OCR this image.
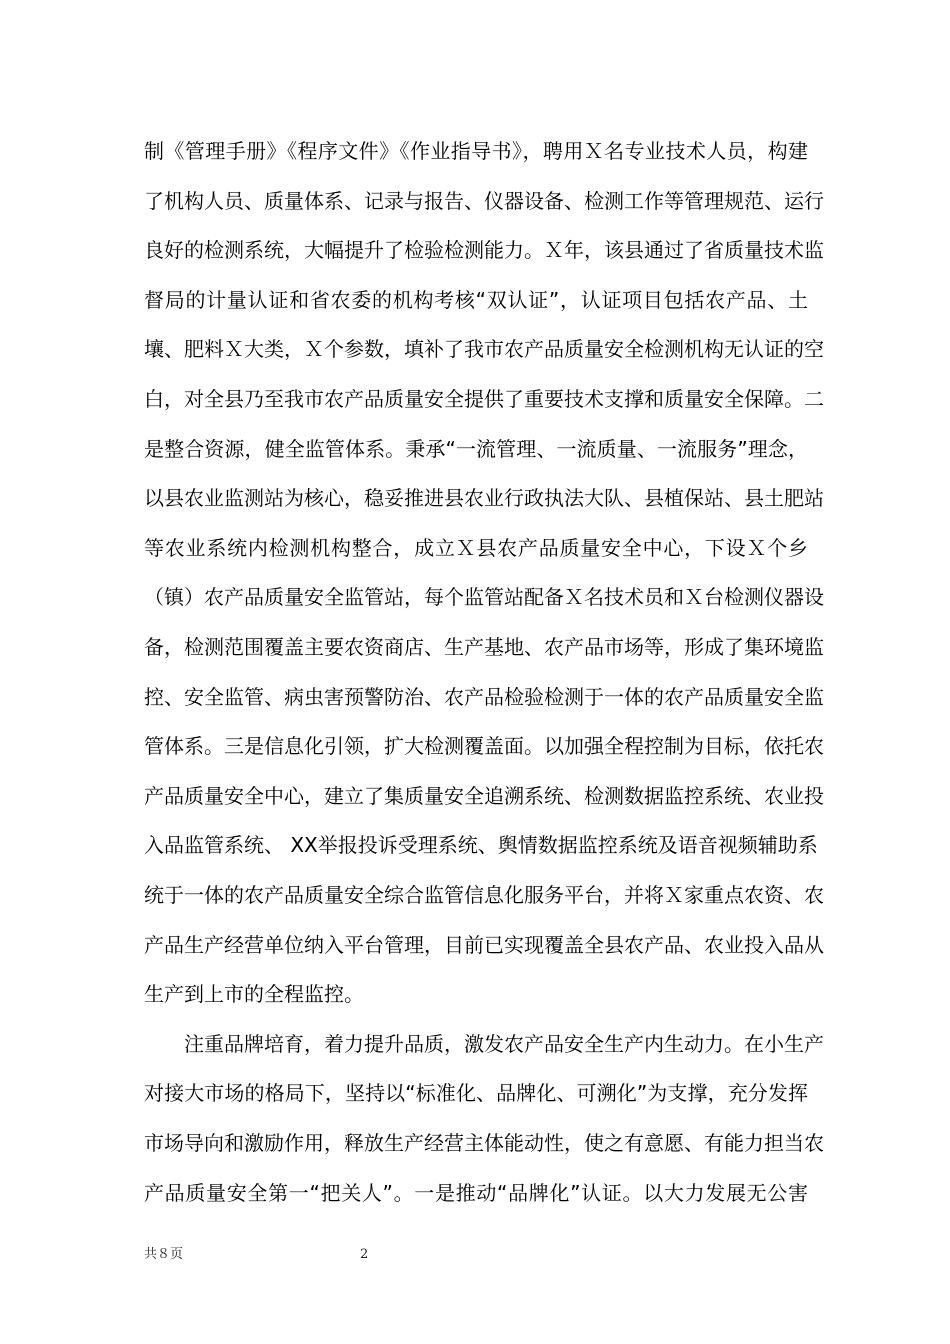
制《管理手册》《程序文件》《作业指导书》，聘用Ｘ名专业技术人员，构建
了机构人员、质量体系、记录与报告、仪器设备、检测工作等管理规范、运行
良好的检测系统，大幅提升了检验检测能力。Ｘ年，该县通过了省质量技术监
督局的计量认证和省农委的机构考核“双认证”，认证项目包括农产品、土
壤、肥料Ｘ大类，Ｘ个参数，填补了我市农产品质量安全检测机构无认证的空
白，对全县乃至我市农产品质量安全提供了重要技术支撑和质量安全保障。二
是整合资源，健全监管体系。秉承“一流管理、一流质量、一流服务”理念，
以县农业监测站为核心，稳妥推进县农业行政执法大队、县植保站、县土肥站
等农业系统内检测机构整合，成立Ｘ县农产品质量安全中心，下设Ｘ个乡
（镇）农产品质量安全监管站，每个监管站配备Ｘ名技术员和Ｘ台检测仪器设
备，检测范围覆盖主要农资商店、生产基地、农产品市场等，形成了集环境监
控、安全监管、病虫害预警防治、农产品检验检测于一体的农产品质量安全监
管体系。三是信息化引领，扩大检测覆盖面。以加强全程控制为目标，依托农
产品质量安全中心，建立了集质量安全追溯系统、检测数据监控系统、农业投
入品监管系统、 XX举报投诉受理系统、舆情数据监控系统及语音视频辅助系
统于一体的农产品质量安全综合监管信息化服务平台，并将Ｘ家重点农资、农
产品生产经营单位纳入平台管理，目前已实现覆盖全县农产品、农业投入品从
生产到上市的全程监控。
注重品牌培育，着力提升品质，激发农产品安全生产内生动力。在小生产
对接大市场的格局下，坚持以“标准化、品牌化、可溯化”为支撑，充分发挥
市场导向和激励作用，释放生产经营主体能动性，使之有意愿、有能力担当农
产品质量安全第一“把关人”。一是推动“品牌化”认证。以大力发展无公害
共８页	2
